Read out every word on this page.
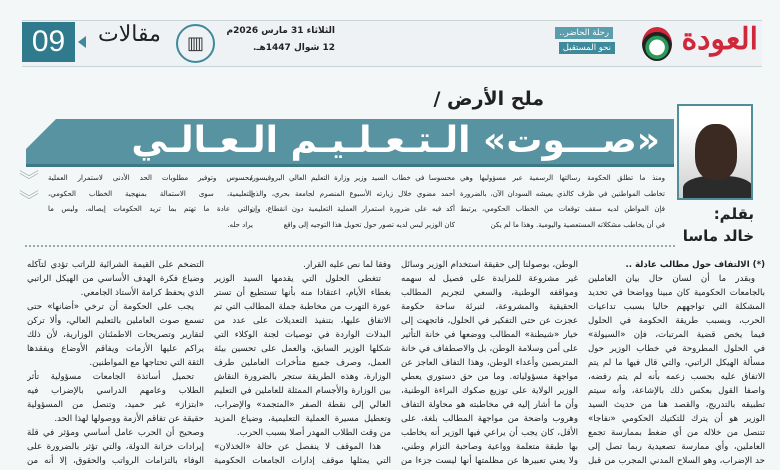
العودة
رحلة الحاضر..
نحو المستقبل
الثلاثاء 31 مارس 2026م
12 شوال 1447هـ.
▥
مقالات
09
ملح الأرض /
«صـــوت» الـتـعـلـيـم الـعـالـي
بقلم: خالد ماسا
ومنذ ما تطلق الحكومة رسالتها الرسمية عبر مسؤوليها وهي
تخاطب المواطنين في ظرف كالذي يعيشه السودان الآن، بالضرورة
فإن المواطن لديه سقف توقعات من الخطاب الحكومي، يرتبط
في أن يخاطب مشكلاته المستعصية واليومية. وهذا ما لم يكن
محسوسا في خطاب السيد وزير وزارة التعليم العالي البروفيسور/
أحمد مضوي خلال زيارته الأسبوع المنصرم لجامعة بحري، والذي
أكد فيه على ضرورة استمرار العملية التعليمية دون انقطاع، وإن
كان الوزير ليس لديه تصور حول تحويل هذا التوجيه إلى واقع
محسوس وتوفير مطلوبات الحد الأدنى لاستمرار العملية
التعليمية، سوى الاستمالة بمنهجية الخطاب الحكومي،
والتي عادة ما تهتم بما تريد الحكومات إيصاله، وليس ما
يراد حله.
︾
︾

(*) الالتفاف حول مطالب عادلة ..

وبقدر ما أن لسان حال بيان العاملين

بالجامعات الحكومية كان مبينا وواضحا في تحديد

المشكلة التي تواجههم حاليا بسبب تداعيات

الحرب، وبسبب طريقة الحكومة في الحلول

فيما يخص قضية المرتبات، فإن «السيولة»

في الحلول المطروحة في خطاب الوزير حول

مسألة الهيكل الراتبي، والتي قال فيها ما لم يتم

الاتفاق عليه بحسب زعمه بأنه لم يتم رفضه،

واصفا القول بعكس ذلك بالإشاعة، وأنه سيتم

تطبيقه بالتدريج، والقصد هنا من حديث السيد

الوزير هو أن يترك للتكتيك الحكومي «نفاجا»

تتنصل من خلاله من أي ضغط بممارسة تجمع

العاملين، وأي ممارسة تصعيدية ربما تصل إلى

حد الإضراب، وهو السلاح المدني المجرب من قبل

الوطن، بوصولنا إلى حقيقة استخدام الوزير وسائل

غير مشروعة للمزايدة على فصيل له سهمه

ومواقفه الوطنية، والسعي لتجريم المطالب

الحقيقية والمشروعة، لتبرئة ساحة حكومة

عجزت عن حتى التفكير في الحلول، فاتجهت إلى

خيار «شيطنة» المطالب ووضعها في خانة التأثير

على أمن وسلامة الوطن، بل والاصطفاف في خانة

المتربصين وأعداء الوطن، وهذا التفاف العاجز عن

مواجهة مسؤولياته. وما من حق دستوري يعطي

الوزير الولاية على توزيع صكوك البراءة الوطنية،

وأن ما أشار إليه في مخاطبته هو محاولة التفاف

وهروب واضحة من مواجهة المطالب بلغة، على

الأقل، كان يجب أن يراعي فيها الوزير أنه يخاطب

بها طبقة متعلمة وواعية وصاحبة التزام وطني،

ولا يعني تعبيرها عن مظلمتها أنها ليست جزءا من

وفقا لما نص عليه القرار.

تتغطى الحلول التي يقدمها السيد الوزير

بغطاء الأيام، اعتقادا منه بأنها تستطيع أن تستر

عورة التهرب من مخاطبة جملة المطالب التي تم

الاتفاق عليها، بتنفيذ التعديلات على عدد من

البدلات الواردة في توصيات لجنة الوكلاء التي

شكلها الوزير السابق، والعمل على تحسين بيئة

العمل، وصرف جميع متأخرات العاملين طرف

الوزارة، وهذه الطريقة ستجر بالضرورة النقاش

بين الوزارة والأجسام الممثلة للعاملين في التعليم

العالي إلى نقطة الصفر «المتجمد» والإضراب،

وتعطيل مسيرة العملية التعليمية، وضياع المزيد

من وقت الطلاب المهدر أصلا بسبب الحرب.

هذا الموقف لا ينفصل عن حالة «الخذلان»

التي يمثلها موقف إدارات الجامعات الحكومية

التضخم على القيمة الشرائية للراتب تؤدي لتآكله

وضياع فكرة الهدف الأساسي من الهيكل الراتبي

الذي يحفظ كرامة الأستاذ الجامعي.

يجب على الحكومة أن ترخي «أضانها» حتى

تسمع صوت العاملين بالتعليم العالي، وألا تركن

لتقارير وتصريحات الاطمئنان الوزارية، لأن ذلك

يراكم عليها الأزمات ويفاقم الأوضاع ويفقدها

الثقة التي تحتاجها مع المواطنين.

تحميل أساتذة الجامعات مسؤولية تأثر

الطلاب وعامهم الدراسي بالإضراب فيه

«ابتزاز» غير حميد، وتنصل من المسؤولية

حقيقة عن تفاقم الأزمة ووصولها لهذا الحد.

وصحيح أن الحرب عامل أساسي ومؤثر في قلة

إيرادات خزانة الدولة، والتي تؤثر بالضرورة على

الوفاء بالتزامات الرواتب والحقوق، إلا أنه من
